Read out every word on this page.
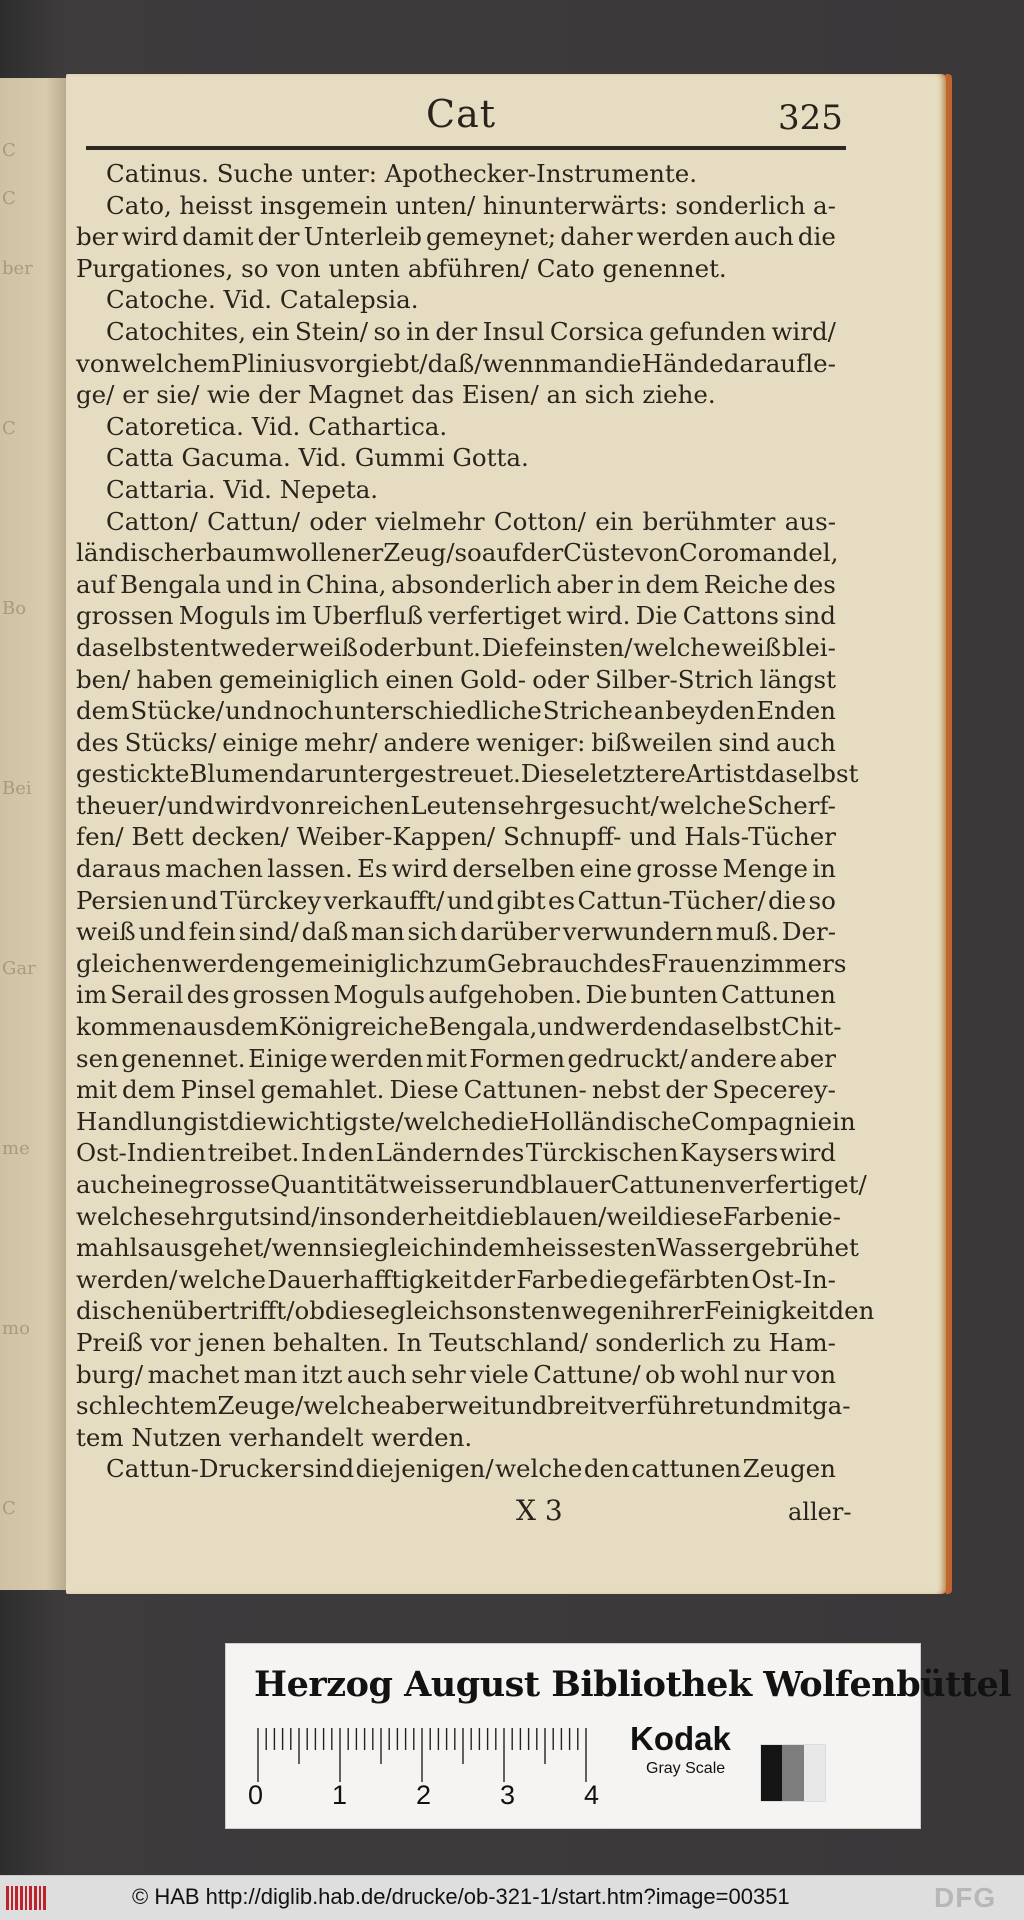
C
C
ber
C
Bo
Bei
Gar
me
mo
C
Cat	325
Catinus. Suche unter: Apothecker-Instrumente.
Cato, heisst insgemein unten/ hinunterwärts: sonderlich a-
ber wird damit der Unterleib gemeynet; daher werden auch die
Purgationes, so von unten abführen/ Cato genennet.
Catoche. Vid. Catalepsia.
Catochites, ein Stein/ so in der Insul Corsica gefunden wird/
von welchem Plinius vorgiebt/ daß/ wenn man die Hände darauf le-
ge/ er sie/ wie der Magnet das Eisen/ an sich ziehe.
Catoretica. Vid. Cathartica.
Catta Gacuma. Vid. Gummi Gotta.
Cattaria. Vid. Nepeta.
Catton/ Cattun/ oder vielmehr Cotton/ ein berühmter aus-
ländischer baumwollener Zeug/ so auf der Cüste von Coromandel,
auf Bengala und in China, absonderlich aber in dem Reiche des
grossen Moguls im Uberfluß verfertiget wird. Die Cattons sind
daselbst entweder weiß oder bunt. Die feinsten/ welche weiß blei-
ben/ haben gemeiniglich einen Gold- oder Silber-Strich längst
dem Stücke/ und noch unterschiedliche Striche an beyden Enden
des Stücks/ einige mehr/ andere weniger: bißweilen sind auch
gestickte Blumen darunter gestreuet. Diese letztere Art ist daselbst
theuer/ und wird von reichen Leuten sehr gesucht/ welche Scherf-
fen/ Bett decken/ Weiber-Kappen/ Schnupff- und Hals-Tücher
daraus machen lassen. Es wird derselben eine grosse Menge in
Persien und Türckey verkaufft/ und gibt es Cattun-Tücher/ die so
weiß und fein sind/ daß man sich darüber verwundern muß. Der-
gleichen werden gemeiniglich zum Gebrauch des Frauenzimmers
im Serail des grossen Moguls aufgehoben. Die bunten Cattunen
kommen aus dem Königreiche Bengala, und werden daselbst Chit-
sen genennet. Einige werden mit Formen gedruckt/ andere aber
mit dem Pinsel gemahlet. Diese Cattunen- nebst der Specerey-
Handlung ist die wichtigste/ welche die Holländische Compagnie in
Ost-Indien treibet. In den Ländern des Türckischen Kaysers wird
auch eine grosse Quantität weisser und blauer Cattunen verfertiget/
welche sehr gut sind/ insonderheit die blauen/ weil diese Farbe nie-
mahls ausgehet/ wenn sie gleich in dem heissesten Wasser gebrühet
werden/ welche Dauerhafftigkeit der Farbe die gefärbten Ost-In-
dischen übertrifft/ ob diese gleich sonsten wegen ihrer Feinigkeit den
Preiß vor jenen behalten. In Teutschland/ sonderlich zu Ham-
burg/ machet man itzt auch sehr viele Cattune/ ob wohl nur von
schlechtem Zeuge/ welche aber weit und breit verführet und mit ga-
tem Nutzen verhandelt werden.
Cattun-Drucker sind diejenigen/ welche den cattunen Zeugen
X 3	aller-
Herzog August Bibliothek Wolfenbüttel
0	1	2	3	4
Kodak
Gray Scale
© HAB http://diglib.hab.de/drucke/ob-321-1/start.htm?image=00351	DFG
